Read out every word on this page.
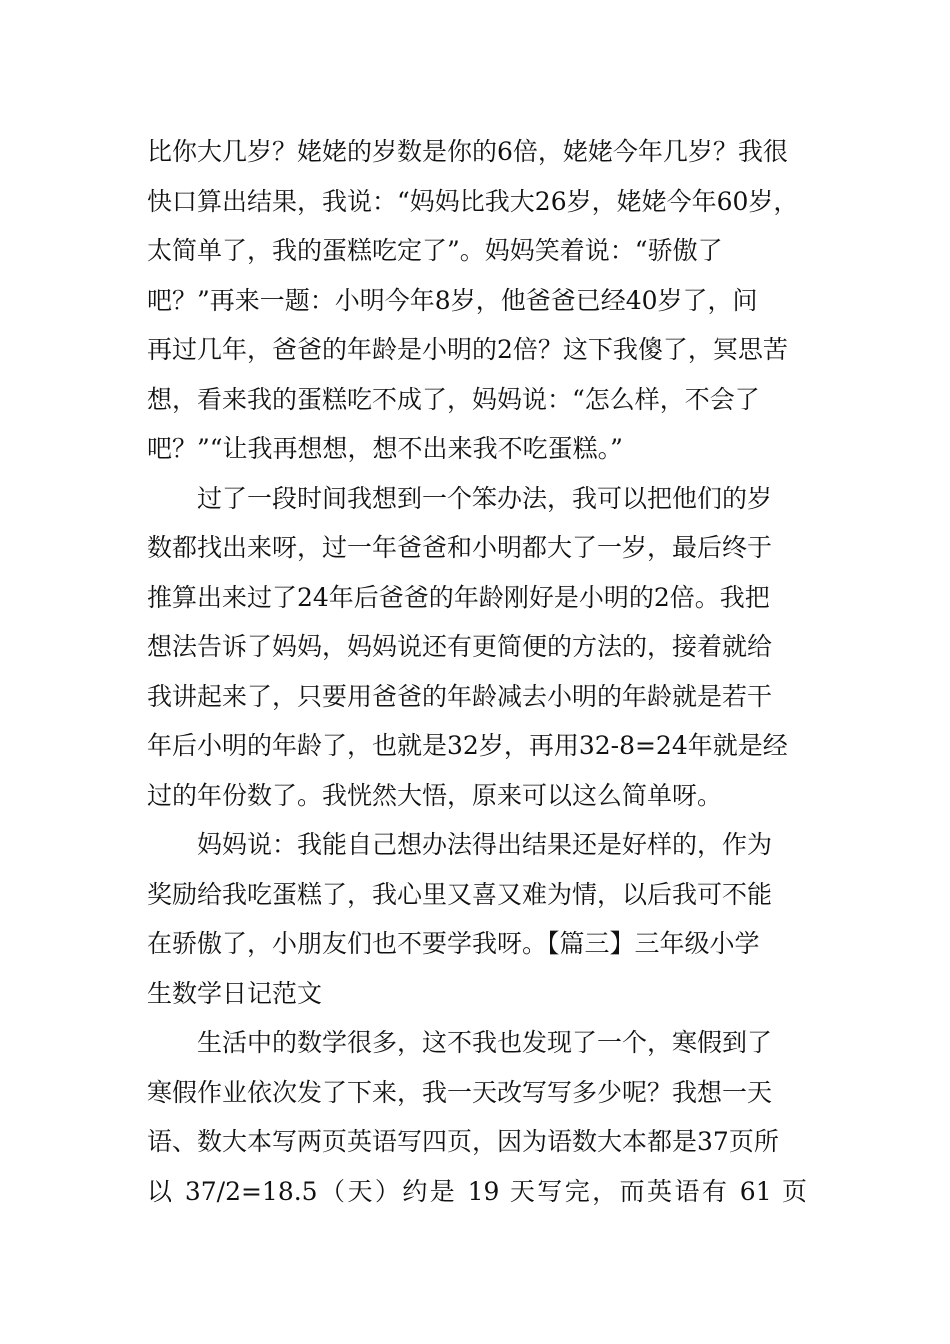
比你大几岁？姥姥的岁数是你的6倍，姥姥今年几岁？我很
快口算出结果，我说：“妈妈比我大26岁，姥姥今年60岁，
太简单了，我的蛋糕吃定了”。妈妈笑着说：“骄傲了
吧？”再来一题：小明今年8岁，他爸爸已经40岁了，问
再过几年，爸爸的年龄是小明的2倍？这下我傻了，冥思苦
想，看来我的蛋糕吃不成了，妈妈说：“怎么样，不会了
吧？”“让我再想想，想不出来我不吃蛋糕。”
过了一段时间我想到一个笨办法，我可以把他们的岁
数都找出来呀，过一年爸爸和小明都大了一岁，最后终于
推算出来过了24年后爸爸的年龄刚好是小明的2倍。我把
想法告诉了妈妈，妈妈说还有更简便的方法的，接着就给
我讲起来了，只要用爸爸的年龄减去小明的年龄就是若干
年后小明的年龄了，也就是32岁，再用32-8=24年就是经
过的年份数了。我恍然大悟，原来可以这么简单呀。
妈妈说：我能自己想办法得出结果还是好样的，作为
奖励给我吃蛋糕了，我心里又喜又难为情，以后我可不能
在骄傲了，小朋友们也不要学我呀。【篇三】三年级小学
生数学日记范文
生活中的数学很多，这不我也发现了一个，寒假到了
寒假作业依次发了下来，我一天改写写多少呢？我想一天
语、数大本写两页英语写四页，因为语数大本都是37页所
以 37/2=18.5（天）约是 19 天写完，而英语有 61 页
